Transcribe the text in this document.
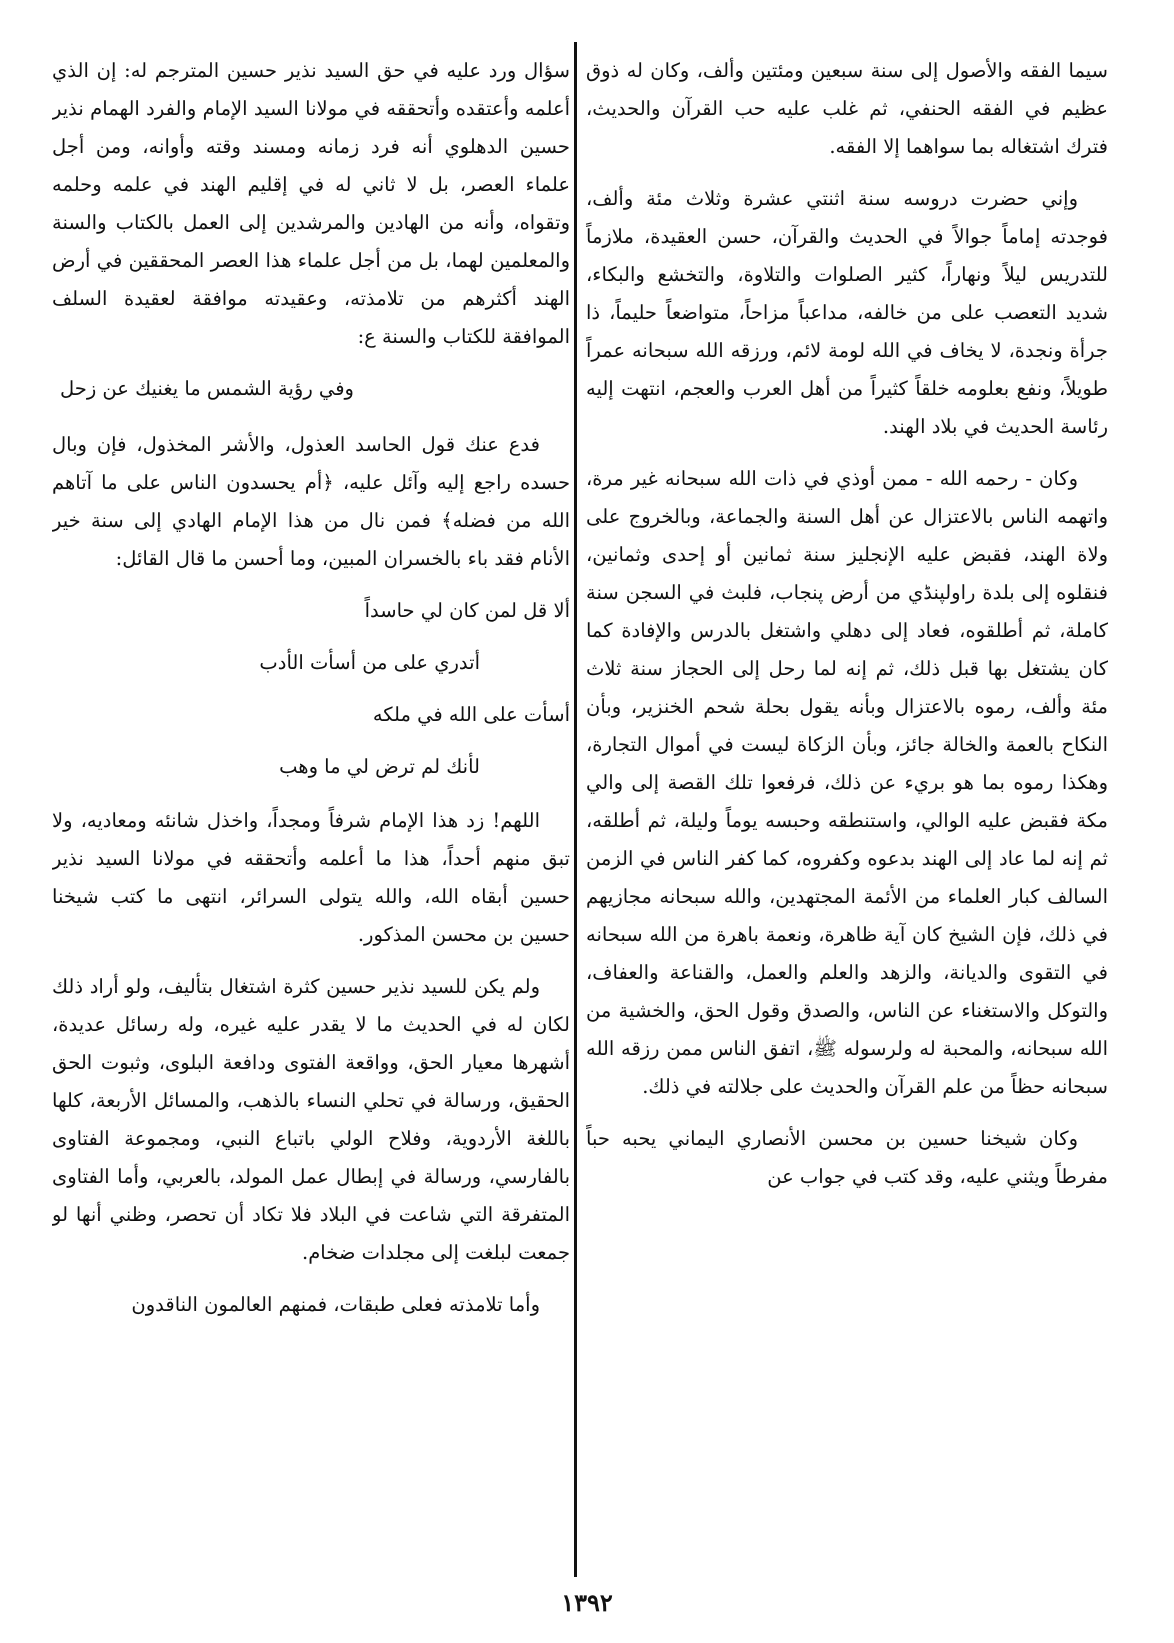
سيما الفقه والأصول إلى سنة سبعين ومئتين وألف، وكان له ذوق عظيم في الفقه الحنفي، ثم غلب عليه حب القرآن والحديث، فترك اشتغاله بما سواهما إلا الفقه.

وإني حضرت دروسه سنة اثنتي عشرة وثلاث مئة وألف، فوجدته إماماً جوالاً في الحديث والقرآن، حسن العقيدة، ملازماً للتدريس ليلاً ونهاراً، كثير الصلوات والتلاوة، والتخشع والبكاء، شديد التعصب على من خالفه، مداعباً مزاحاً، متواضعاً حليماً، ذا جرأة ونجدة، لا يخاف في الله لومة لائم، ورزقه الله سبحانه عمراً طويلاً، ونفع بعلومه خلقاً كثيراً من أهل العرب والعجم، انتهت إليه رئاسة الحديث في بلاد الهند.

وكان - رحمه الله - ممن أوذي في ذات الله سبحانه غير مرة، واتهمه الناس بالاعتزال عن أهل السنة والجماعة، وبالخروج على ولاة الهند، فقبض عليه الإنجليز سنة ثمانين أو إحدى وثمانين، فنقلوه إلى بلدة راولپنڈي من أرض پنجاب، فلبث في السجن سنة كاملة، ثم أطلقوه، فعاد إلى دهلي واشتغل بالدرس والإفادة كما كان يشتغل بها قبل ذلك، ثم إنه لما رحل إلى الحجاز سنة ثلاث مئة وألف، رموه بالاعتزال وبأنه يقول بحلة شحم الخنزير، وبأن النكاح بالعمة والخالة جائز، وبأن الزكاة ليست في أموال التجارة، وهكذا رموه بما هو بريء عن ذلك، فرفعوا تلك القصة إلى والي مكة فقبض عليه الوالي، واستنطقه وحبسه يوماً وليلة، ثم أطلقه، ثم إنه لما عاد إلى الهند بدعوه وكفروه، كما كفر الناس في الزمن السالف كبار العلماء من الأئمة المجتهدين، والله سبحانه مجازيهم في ذلك، فإن الشيخ كان آية ظاهرة، ونعمة باهرة من الله سبحانه في التقوى والديانة، والزهد والعلم والعمل، والقناعة والعفاف، والتوكل والاستغناء عن الناس، والصدق وقول الحق، والخشية من الله سبحانه، والمحبة له ولرسوله ﷺ، اتفق الناس ممن رزقه الله سبحانه حظاً من علم القرآن والحديث على جلالته في ذلك.

وكان شيخنا حسين بن محسن الأنصاري اليماني يحبه حباً مفرطاً ويثني عليه، وقد كتب في جواب عن

سؤال ورد عليه في حق السيد نذير حسين المترجم له: إن الذي أعلمه وأعتقده وأتحققه في مولانا السيد الإمام والفرد الهمام نذير حسين الدهلوي أنه فرد زمانه ومسند وقته وأوانه، ومن أجل علماء العصر، بل لا ثاني له في إقليم الهند في علمه وحلمه وتقواه، وأنه من الهادين والمرشدين إلى العمل بالكتاب والسنة والمعلمين لهما، بل من أجل علماء هذا العصر المحققين في أرض الهند أكثرهم من تلامذته، وعقيدته موافقة لعقيدة السلف الموافقة للكتاب والسنة ع:

وفي رؤية الشمس ما يغنيك عن زحل

فدع عنك قول الحاسد العذول، والأشر المخذول، فإن وبال حسده راجع إليه وآئل عليه، ﴿أم يحسدون الناس على ما آتاهم الله من فضله﴾ فمن نال من هذا الإمام الهادي إلى سنة خير الأنام فقد باء بالخسران المبين، وما أحسن ما قال القائل:

ألا قل لمن كان لي حاسداً
أتدري على من أسأت الأدب
أسأت على الله في ملكه
لأنك لم ترض لي ما وهب

اللهم! زد هذا الإمام شرفاً ومجداً، واخذل شانئه ومعاديه، ولا تبق منهم أحداً، هذا ما أعلمه وأتحققه في مولانا السيد نذير حسين أبقاه الله، والله يتولى السرائر، انتهى ما كتب شيخنا حسين بن محسن المذكور.

ولم يكن للسيد نذير حسين كثرة اشتغال بتأليف، ولو أراد ذلك لكان له في الحديث ما لا يقدر عليه غيره، وله رسائل عديدة، أشهرها معيار الحق، وواقعة الفتوى ودافعة البلوى، وثبوت الحق الحقيق، ورسالة في تحلي النساء بالذهب، والمسائل الأربعة، كلها باللغة الأردوية، وفلاح الولي باتباع النبي، ومجموعة الفتاوى بالفارسي، ورسالة في إبطال عمل المولد، بالعربي، وأما الفتاوى المتفرقة التي شاعت في البلاد فلا تكاد أن تحصر، وظني أنها لو جمعت لبلغت إلى مجلدات ضخام.

وأما تلامذته فعلى طبقات، فمنهم العالمون الناقدون

١٣٩٢
